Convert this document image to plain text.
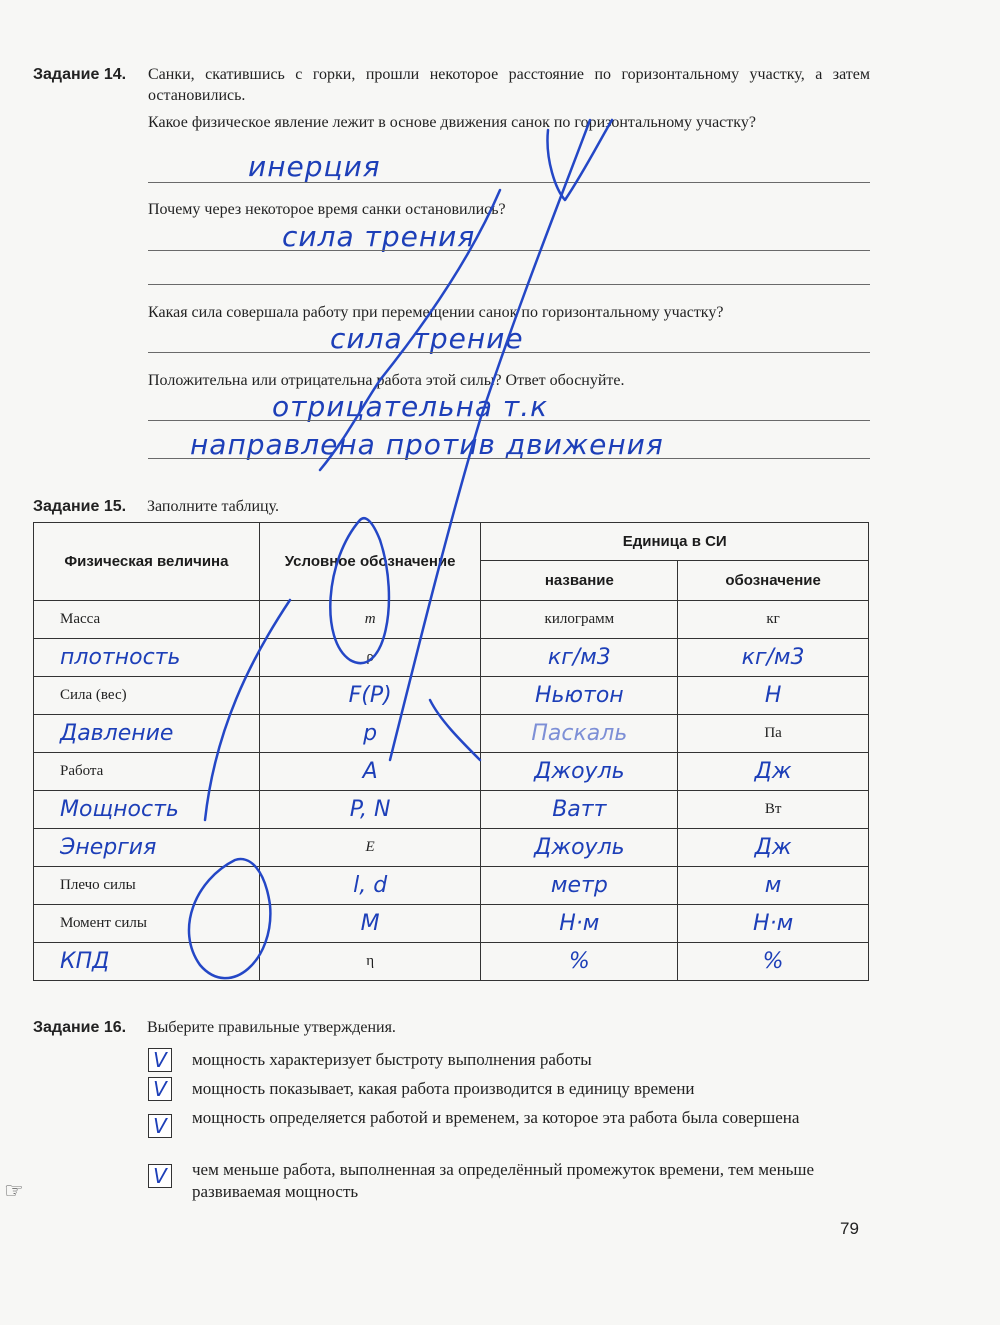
Задание 14. Санки, скатившись с горки, прошли некоторое расстояние по горизонтальному участку, а затем остановились.
Какое физическое явление лежит в основе движения санок по горизонтальному участку?
инерция
Почему через некоторое время санки остановились?
сила трения
Какая сила совершала работу при перемещении санок по горизонтальному участку?
сила трение
Положительна или отрицательна работа этой силы? Ответ обоснуйте.
отрицательна т.к
направлена против движения
Задание 15. Заполните таблицу.
Физическая величина	Условное обозначение	Единица в СИ	
		название	обозначение
Масса	m	килограмм	кг
плотность	ρ	кг/м3	кг/м3
Сила (вес)	F(P)	Ньютон	Н
Давление	p	Паскаль	Па
Работа	A	Джоуль	Дж
Мощность	P, N	Ватт	Вт
Энергия	E	Джоуль	Дж
Плечо силы	l, d	метр	м
Момент силы	M	Н·м	Н·м
КПД	η	%	%
Задание 16. Выберите правильные утверждения.
V	мощность характеризует быстроту выполнения работы
V	мощность показывает, какая работа производится в единицу времени
V	мощность определяется работой и временем, за которое эта работа была совершена
V	чем меньше работа, выполненная за определённый промежуток времени, тем меньше развиваемая мощность
79
☞
